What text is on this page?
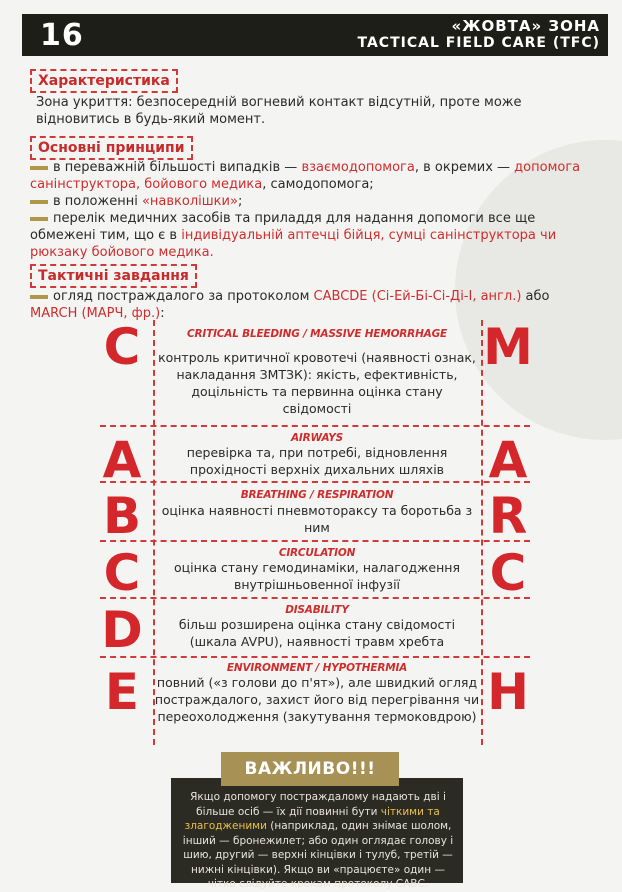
16	«ЖОВТА» ЗОНА
TACTICAL FIELD CARE (TFC)
Характеристика
Зона укриття: безпосередній вогневий контакт відсутній, проте може відновитись в будь-який момент.
Основні принципи
в переважній більшості випадків — взаємодопомога, в окремих — допомога санінструктора, бойового медика, самодопомога;
в положенні «навколішки»;
перелік медичних засобів та приладдя для надання допомоги все ще обмежені тим, що є в індивідуальній аптечці бійця, сумці санінструктора чи рюкзаку бойового медика.
Тактичні завдання
огляд постраждалого за протоколом CABCDE (Сі-Ей-Бі-Сі-Ді-І, англ.) або MARCH (МАРЧ, фр.):
C
A
B
C
D
E
M
A
R
C
H
CRITICAL BLEEDING / MASSIVE HEMORRHAGE
контроль критичної кровотечі (наявності ознак, накладання ЗМТЗК): якість, ефективність, доцільність та первинна оцінка стану свідомості
AIRWAYS
перевірка та, при потребі, відновлення прохідності верхніх дихальних шляхів
BREATHING / RESPIRATION
оцінка наявності пневмотораксу та боротьба з ним
CIRCULATION
оцінка стану гемодинаміки, налагодження внутрішньовенної інфузії
DISABILITY
більш розширена оцінка стану свідомості (шкала AVPU), наявності травм хребта
ENVIRONMENT / HYPOTHERMIA
повний («з голови до п'ят»), але швидкий огляд постраждалого, захист його від перегрівання чи переохолодження (закутування термоковдрою)
ВАЖЛИВО!!!
Якщо допомогу постраждалому надають дві і більше осіб — їх дії повинні бути чіткими та злагодженими (наприклад, один знімає шолом, інший — бронежилет; або один оглядає голову і шию, другий — верхні кінцівки і тулуб, третій — нижні кінцівки). Якщо ви «працюєте» один — чітко слідуйте крокам протоколу САВС.
